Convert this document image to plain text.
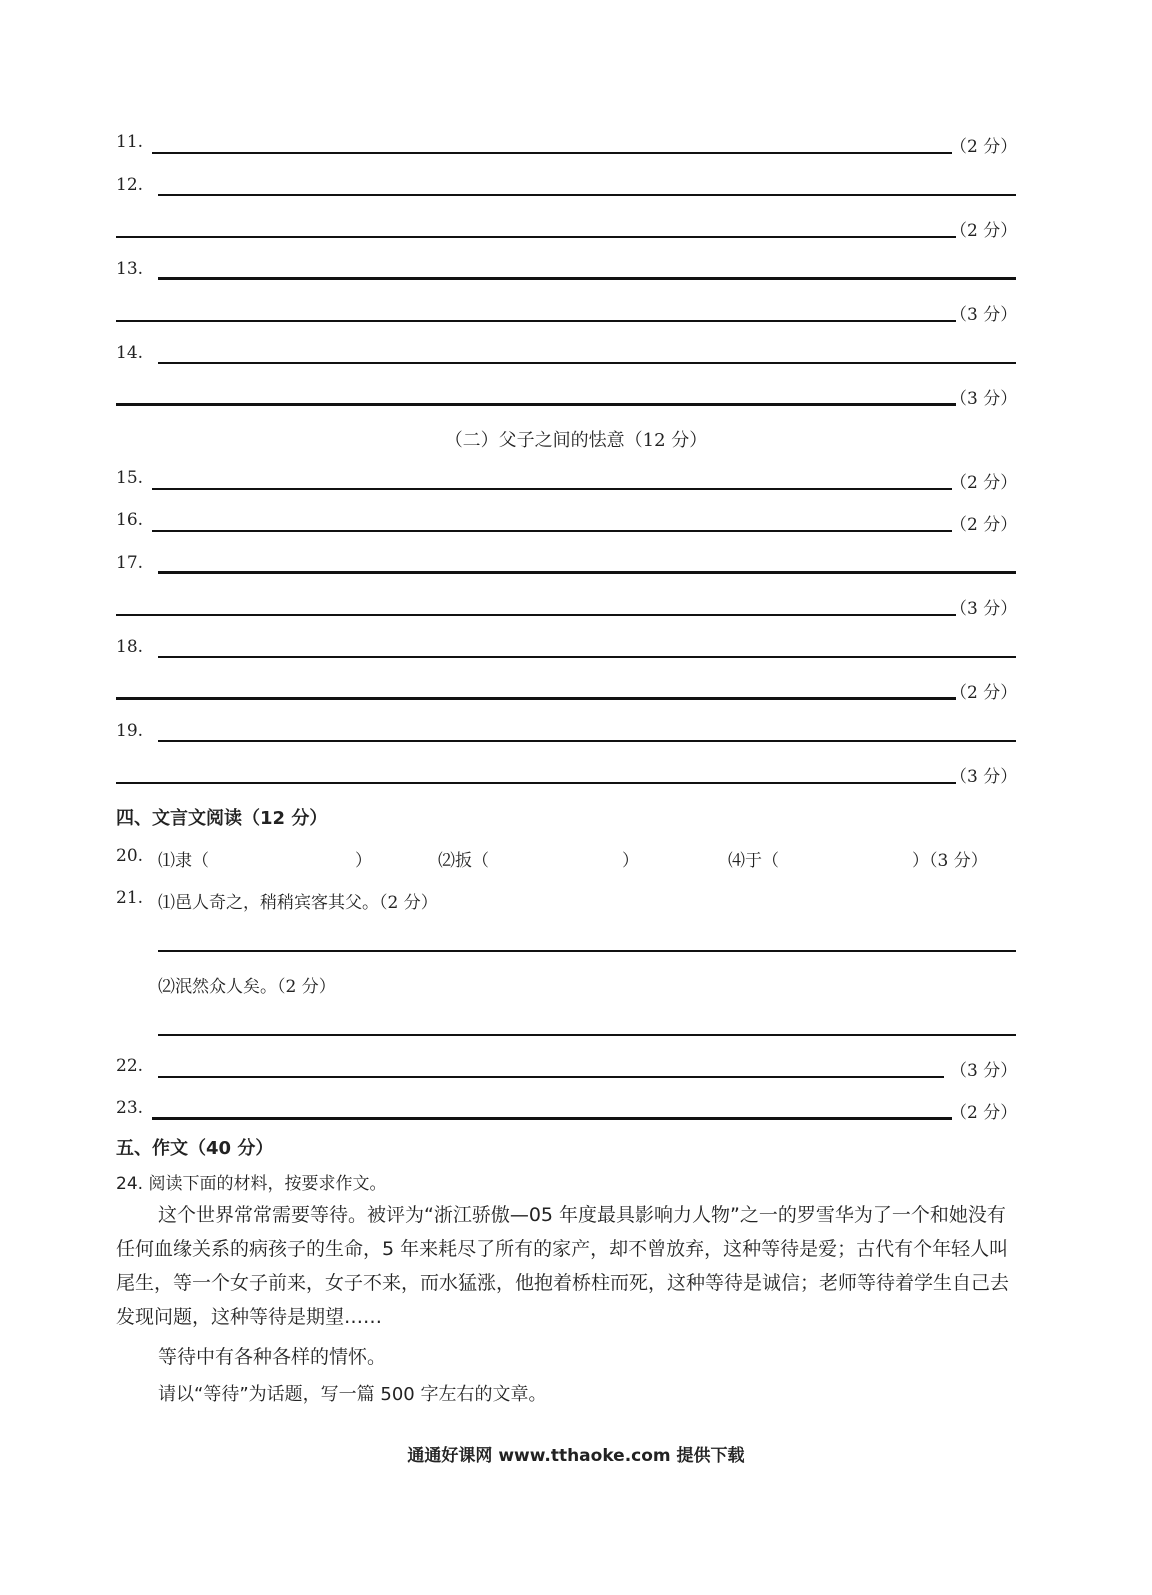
11.	（2 分）
12.
（2 分）
13.
（3 分）
14.
（3 分）
（二）父子之间的怯意（12 分）
15.	（2 分）
16.	（2 分）
17.
（3 分）
18.
（2 分）
19.
（3 分）
四、文言文阅读（12 分）
20. ⑴隶（	）	⑵扳（	）	⑷于（	）（3 分）
21. ⑴邑人奇之，稍稍宾客其父。（2 分）
⑵泯然众人矣。（2 分）
22.	（3 分）
23.	（2 分）
五、作文（40 分）
24. 阅读下面的材料，按要求作文。
这个世界常常需要等待。被评为“浙江骄傲—05 年度最具影响力人物”之一的罗雪华为了一个和她没有任何血缘关系的病孩子的生命，5 年来耗尽了所有的家产，却不曾放弃，这种等待是爱；古代有个年轻人叫尾生，等一个女子前来，女子不来，而水猛涨，他抱着桥柱而死，这种等待是诚信；老师等待着学生自己去发现问题，这种等待是期望……
等待中有各种各样的情怀。
请以“等待”为话题，写一篇 500 字左右的文章。
通通好课网 www.tthaoke.com 提供下载
